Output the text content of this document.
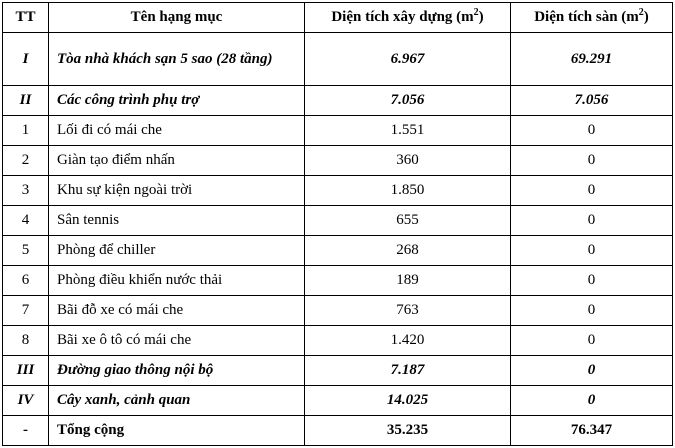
TT	Tên hạng mục	Diện tích xây dựng $(m^2)$	Diện tích sàn $(m^2)$
I	Tòa nhà khách sạn 5 sao (28 tầng)	6.967	69.291
II	Các công trình phụ trợ	7.056	7.056
1	Lối đi có mái che	1.551	0
2	Giàn tạo điểm nhấn	360	0
3	Khu sự kiện ngoài trời	1.850	0
4	Sân tennis	655	0
5	Phòng để chiller	268	0
6	Phòng điều khiển nước thải	189	0
7	Bãi đỗ xe có mái che	763	0
8	Bãi xe ô tô có mái che	1.420	0
III	Đường giao thông nội bộ	7.187	0
IV	Cây xanh, cảnh quan	14.025	0
-	Tổng cộng	35.235	76.347
